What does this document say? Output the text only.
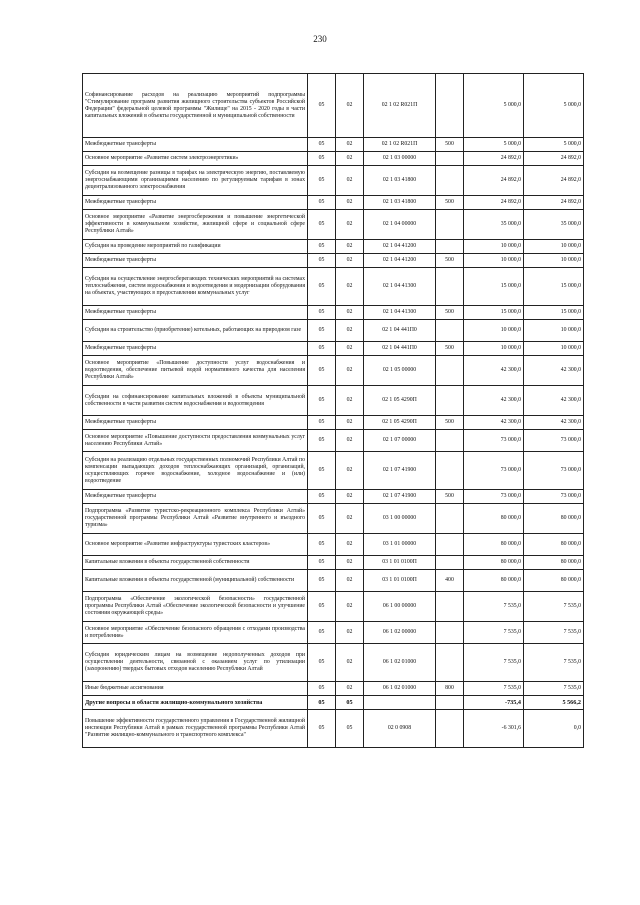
230
Софинансирование расходов на реализацию мероприятий подпрограммы "Стимулирование программ развития жилищного строительства субъектов Российской Федерации" федеральной целевой программы "Жилище" на 2015 - 2020 годы в части капитальных вложений в объекты государственной и муниципальной собственности	05	02	02 1 02 R021П		5 000,0	5 000,0
Межбюджетные трансферты	05	02	02 1 02 R021П	500	5 000,0	5 000,0
Основное мероприятие «Развитие систем электроэнергетики»	05	02	02 1 03 00000		24 892,0	24 892,0
Субсидия на возмещение разницы в тарифах на электрическую энергию, поставляемую энергоснабжающими организациями населению по регулируемым тарифам в зонах децентрализованного электроснабжения	05	02	02 1 03 41800		24 892,0	24 892,0
Межбюджетные трансферты	05	02	02 1 03 41800	500	24 892,0	24 892,0
Основное мероприятие «Развитие энергосбережения и повышение энергетической эффективности в коммунальном хозяйстве, жилищной сфере и социальной сфере Республики Алтай»	05	02	02 1 04 00000		35 000,0	35 000,0
Субсидия на проведение мероприятий по газификации	05	02	02 1 04 41200		10 000,0	10 000,0
Межбюджетные трансферты	05	02	02 1 04 41200	500	10 000,0	10 000,0
Субсидия на осуществление энергосберегающих технических мероприятий на системах теплоснабжения, систем водоснабжения и водоотведения и модернизации оборудования на объектах, участвующих в предоставлении коммунальных услуг	05	02	02 1 04 41300		15 000,0	15 000,0
Межбюджетные трансферты	05	02	02 1 04 41300	500	15 000,0	15 000,0
Субсидия на строительство (приобретение) котельных, работающих на природном газе	05	02	02 1 04 441П0		10 000,0	10 000,0
Межбюджетные трансферты	05	02	02 1 04 441П0	500	10 000,0	10 000,0
Основное мероприятие «Повышение доступности услуг водоснабжения и водоотведения, обеспечение питьевой водой нормативного качества для населения Республики Алтай»	05	02	02 1 05 00000		42 300,0	42 300,0
Субсидии на софинансирование капитальных вложений в объекты муниципальной собственности в части развития систем водоснабжения и водоотведения	05	02	02 1 05 4290П		42 300,0	42 300,0
Межбюджетные трансферты	05	02	02 1 05 4290П	500	42 300,0	42 300,0
Основное мероприятие «Повышение доступности предоставления коммунальных услуг населению Республики Алтай»	05	02	02 1 07 00000		73 000,0	73 000,0
Субсидия на реализацию отдельных государственных полномочий Республики Алтай по компенсации выпадающих доходов теплоснабжающих организаций, организаций, осуществляющих горячее водоснабжение, холодное водоснабжение и (или) водоотведение	05	02	02 1 07 41900		73 000,0	73 000,0
Межбюджетные трансферты	05	02	02 1 07 41900	500	73 000,0	73 000,0
Подпрограмма «Развитие туристско-рекреационного комплекса Республики Алтай» государственной программы Республики Алтай «Развитие внутреннего и въездного туризма»	05	02	03 1 00 00000		80 000,0	80 000,0
Основное мероприятие «Развитие инфраструктуры туристских кластеров»	05	02	03 1 01 00000		80 000,0	80 000,0
Капитальные вложения в объекты государственной собственности	05	02	03 1 01 0100П		80 000,0	80 000,0
Капитальные вложения в объекты государственной (муниципальной) собственности	05	02	03 1 01 0100П	400	80 000,0	80 000,0
Подпрограмма «Обеспечение экологической безопасности» государственной программы Республики Алтай «Обеспечение экологической безопасности и улучшение состояния окружающей среды»	05	02	06 1 00 00000		7 535,0	7 535,0
Основное мероприятие «Обеспечение безопасного обращения с отходами производства и потребления»	05	02	06 1 02 00000		7 535,0	7 535,0
Субсидия юридическим лицам на возмещение недополученных доходов при осуществлении деятельности, связанной с оказанием услуг по утилизации (захоронению) твердых бытовых отходов населению Республики Алтай	05	02	06 1 02 01000		7 535,0	7 535,0
Иные бюджетные ассигнования	05	02	06 1 02 01000	800	7 535,0	7 535,0
Другие вопросы в области жилищно-коммунального хозяйства	05	05			-735,4	5 566,2
Повышение эффективности государственного управления в Государственной жилищной инспекции Республики Алтай в рамках государственной программы Республики Алтай "Развитие жилищно-коммунального и транспортного комплекса"	05	05	02 0 0908		-6 301,6	0,0
